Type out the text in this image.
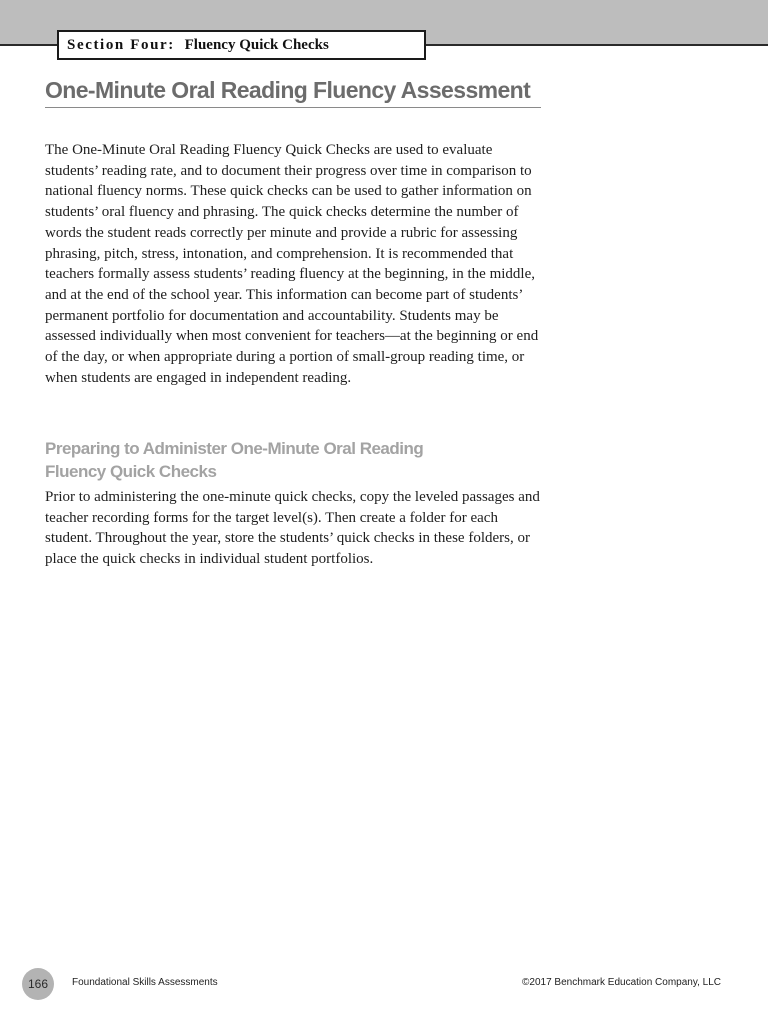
Section Four:
Fluency Quick Checks
One-Minute Oral Reading Fluency Assessment

The One-Minute Oral Reading Fluency Quick Checks are used to evaluate students’ reading rate, and to document their progress over time in comparison to national fluency norms. These quick checks can be used to gather information on students’ oral fluency and phrasing. The quick checks determine the number of words the student reads correctly per minute and provide a rubric for assessing phrasing, pitch, stress, intonation, and comprehension. It is recommended that teachers formally assess students’ reading fluency at the beginning, in the middle, and at the end of the school year. This information can become part of students’ permanent portfolio for documentation and accountability. Students may be assessed individually when most convenient for teachers—at the beginning or end of the day, or when appropriate during a portion of small-group reading time, or when students are engaged in independent reading.

Preparing to Administer One-Minute Oral Reading
Fluency Quick Checks

Prior to administering the one-minute quick checks, copy the leveled passages and teacher recording forms for the target level(s). Then create a folder for each student. Throughout the year, store the students’ quick checks in these folders, or place the quick checks in individual student portfolios.

166	Foundational Skills Assessments	©2017 Benchmark Education Company, LLC
